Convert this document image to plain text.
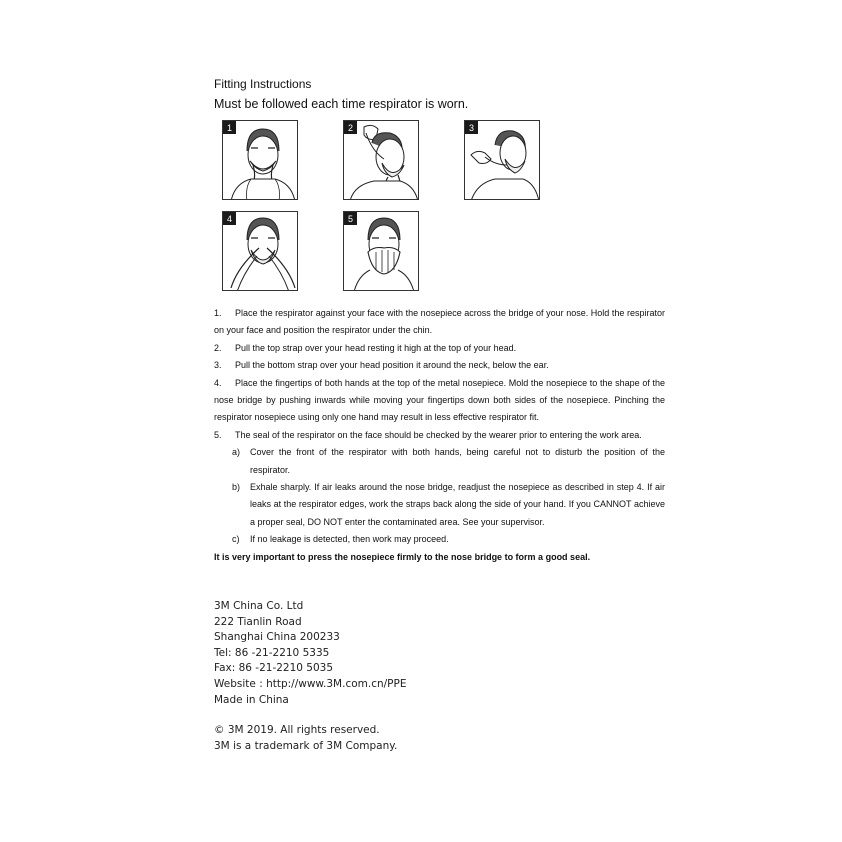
Fitting Instructions
Must be followed each time respirator is worn.
1	2	3
4	5

1. Place the respirator against your face with the nosepiece across the bridge of your nose. Hold the respirator on your face and position the respirator under the chin.

2. Pull the top strap over your head resting it high at the top of your head.

3. Pull the bottom strap over your head position it around the neck, below the ear.

4. Place the fingertips of both hands at the top of the metal nosepiece. Mold the nosepiece to the shape of the nose bridge by pushing inwards while moving your fingertips down both sides of the nosepiece. Pinching the respirator nosepiece using only one hand may result in less effective respirator fit.

5. The seal of the respirator on the face should be checked by the wearer prior to entering the work area.

a) Cover the front of the respirator with both hands, being careful not to disturb the position of the respirator.

b) Exhale sharply. If air leaks around the nose bridge, readjust the nosepiece as described in step 4. If air leaks at the respirator edges, work the straps back along the side of your hand. If you CANNOT achieve a proper seal, DO NOT enter the contaminated area. See your supervisor.

c) If no leakage is detected, then work may proceed.

It is very important to press the nosepiece firmly to the nose bridge to form a good seal.

3M China Co. Ltd
222 Tianlin Road
Shanghai China 200233
Tel: 86 -21-2210 5335
Fax: 86 -21-2210 5035
Website : http://www.3M.com.cn/PPE
Made in China
© 3M 2019. All rights reserved.
3M is a trademark of 3M Company.
